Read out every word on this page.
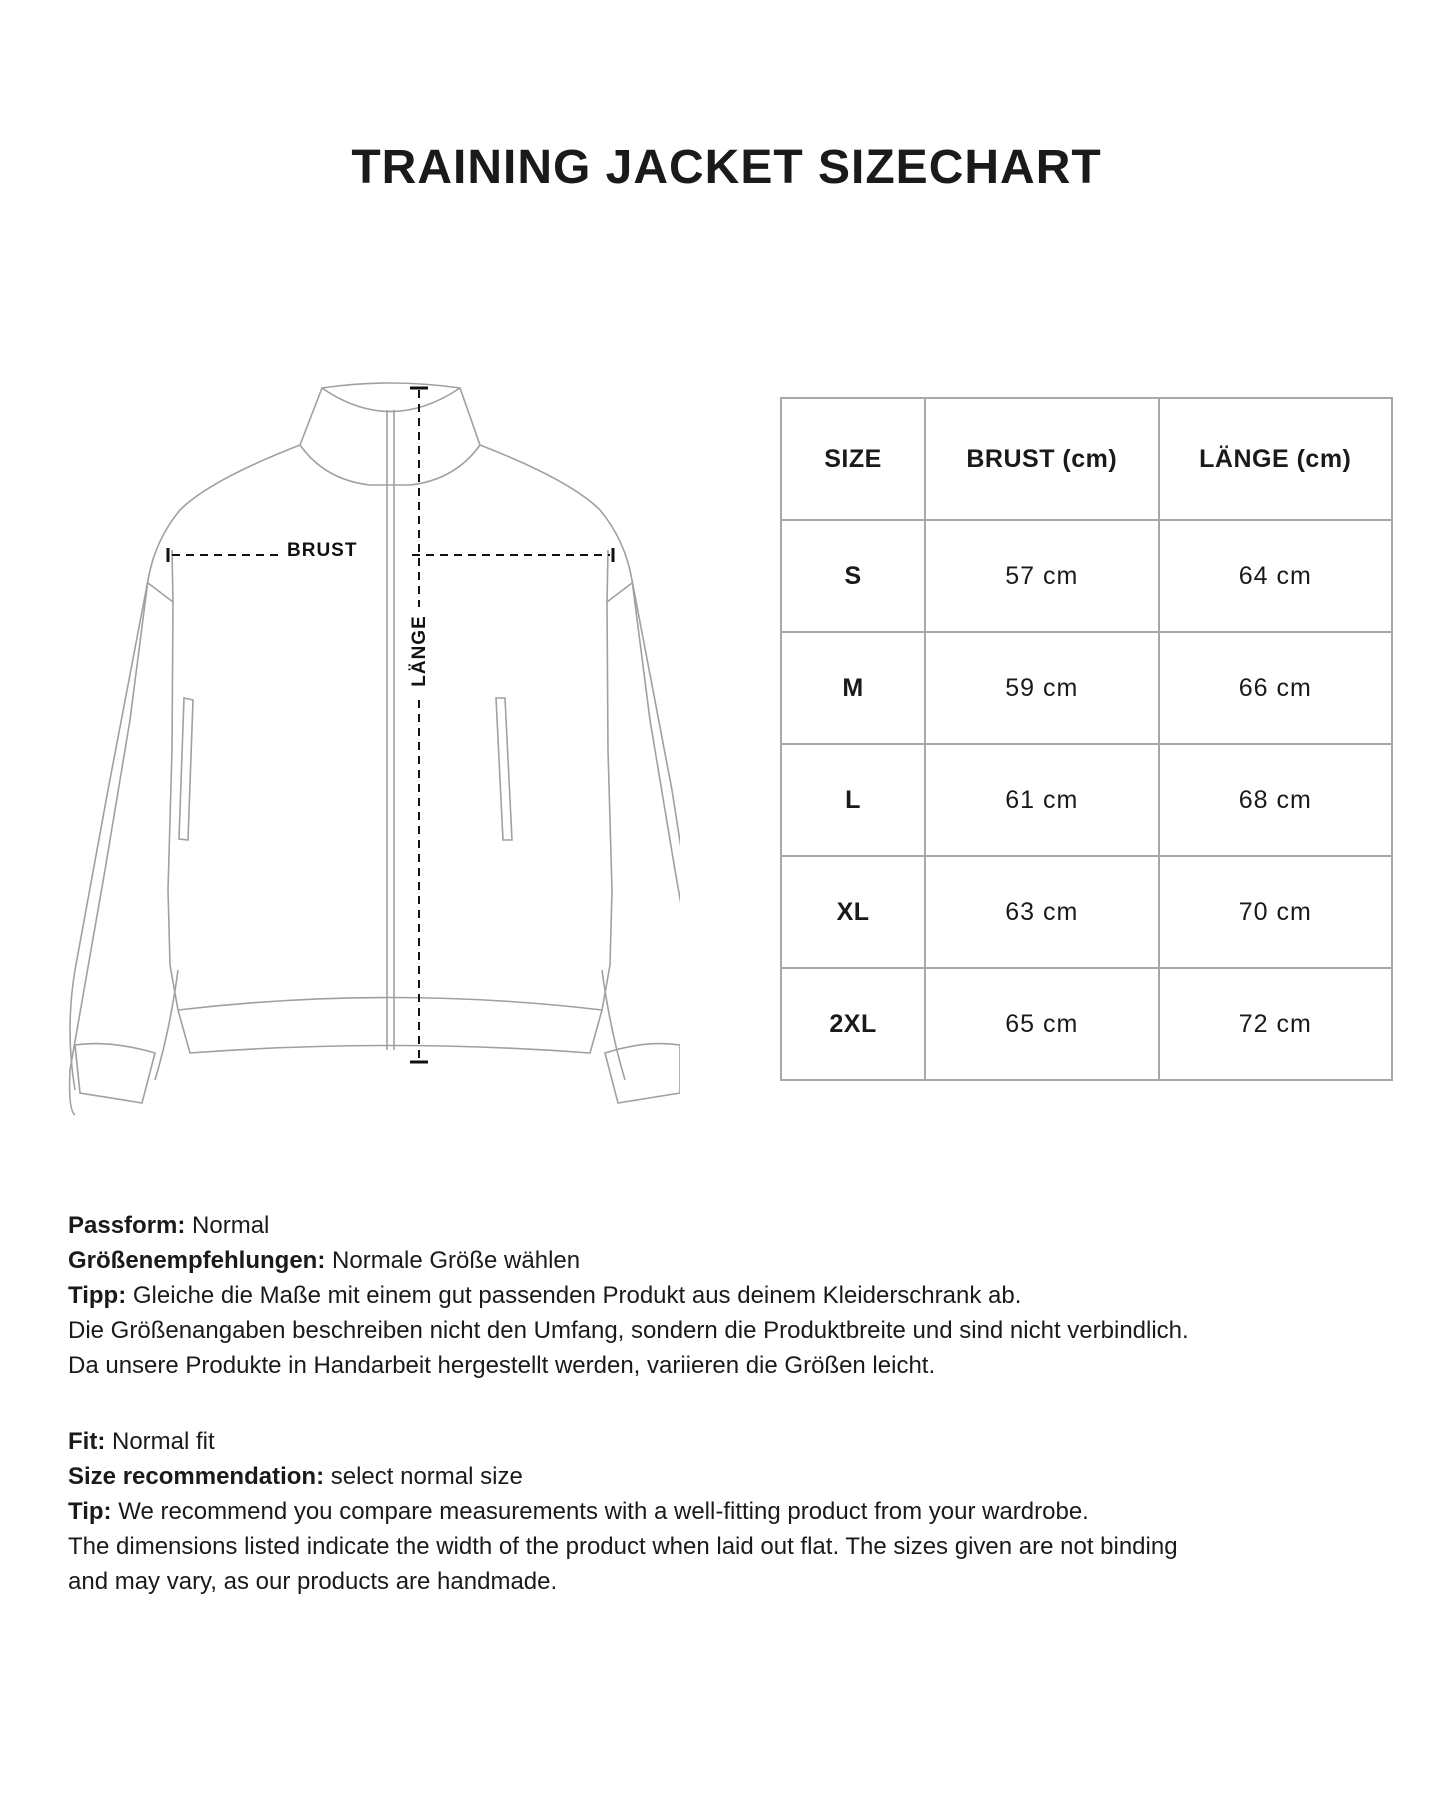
TRAINING JACKET SIZECHART
BRUST
LÄNGE
SIZE	BRUST (cm)	LÄNGE (cm)
S	57 cm	64 cm
M	59 cm	66 cm
L	61 cm	68 cm
XL	63 cm	70 cm
2XL	65 cm	72 cm
Passform: Normal
Größenempfehlungen: Normale Größe wählen
Tipp: Gleiche die Maße mit einem gut passenden Produkt aus deinem Kleiderschrank ab.
Die Größenangaben beschreiben nicht den Umfang, sondern die Produktbreite und sind nicht verbindlich.
Da unsere Produkte in Handarbeit hergestellt werden, variieren die Größen leicht.
Fit: Normal fit
Size recommendation: select normal size
Tip: We recommend you compare measurements with a well-fitting product from your wardrobe.
The dimensions listed indicate the width of the product when laid out flat. The sizes given are not binding
and may vary, as our products are handmade.
